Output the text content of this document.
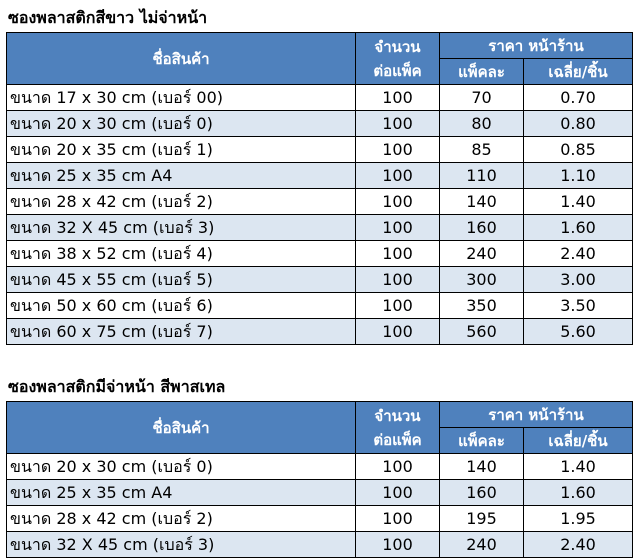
ซองพลาสติกสีขาว ไม่จ่าหน้า
ชื่อสินค้า	จำนวน
ต่อแพ็ค	ราคา หน้าร้าน	
		แพ็คละ	เฉลี่ย/ชิ้น
ขนาด 17 x 30 cm (เบอร์ 00)	100	70	0.70
ขนาด 20 x 30 cm (เบอร์ 0)	100	80	0.80
ขนาด 20 x 35 cm (เบอร์ 1)	100	85	0.85
ขนาด 25 x 35 cm A4	100	110	1.10
ขนาด 28 x 42 cm (เบอร์ 2)	100	140	1.40
ขนาด 32 X 45 cm (เบอร์ 3)	100	160	1.60
ขนาด 38 x 52 cm (เบอร์ 4)	100	240	2.40
ขนาด 45 x 55 cm (เบอร์ 5)	100	300	3.00
ขนาด 50 x 60 cm (เบอร์ 6)	100	350	3.50
ขนาด 60 x 75 cm (เบอร์ 7)	100	560	5.60
ซองพลาสติกมีจ่าหน้า สีพาสเทล
ชื่อสินค้า	จำนวน
ต่อแพ็ค	ราคา หน้าร้าน	
		แพ็คละ	เฉลี่ย/ชิ้น
ขนาด 20 x 30 cm (เบอร์ 0)	100	140	1.40
ขนาด 25 x 35 cm A4	100	160	1.60
ขนาด 28 x 42 cm (เบอร์ 2)	100	195	1.95
ขนาด 32 X 45 cm (เบอร์ 3)	100	240	2.40
